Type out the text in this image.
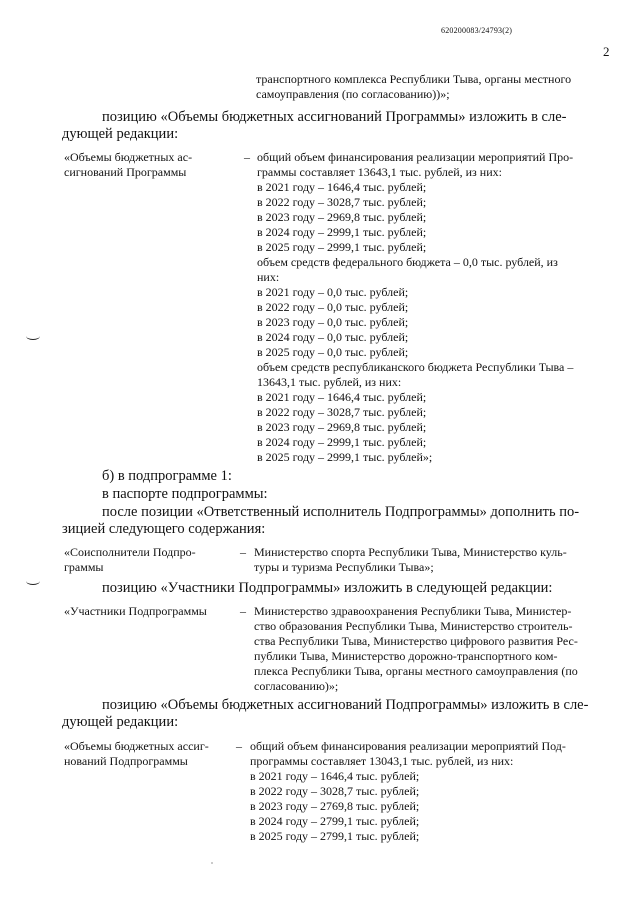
620200083/24793(2)
2
транспортного комплекса Республики Тыва, органы местного
самоуправления (по согласованию))»;
позицию «Объемы бюджетных ассигнований Программы» изложить в сле-
дующей редакции:
«Объемы бюджетных ас-
сигнований Программы
– общий объем финансирования реализации мероприятий Про-
граммы составляет 13643,1 тыс. рублей, из них:
в 2021 году – 1646,4 тыс. рублей;
в 2022 году – 3028,7 тыс. рублей;
в 2023 году – 2969,8 тыс. рублей;
в 2024 году – 2999,1 тыс. рублей;
в 2025 году – 2999,1 тыс. рублей;
объем средств федерального бюджета – 0,0 тыс. рублей, из
них:
в 2021 году – 0,0 тыс. рублей;
в 2022 году – 0,0 тыс. рублей;
в 2023 году – 0,0 тыс. рублей;
в 2024 году – 0,0 тыс. рублей;
в 2025 году – 0,0 тыс. рублей;
объем средств республиканского бюджета Республики Тыва –
13643,1 тыс. рублей, из них:
в 2021 году – 1646,4 тыс. рублей;
в 2022 году – 3028,7 тыс. рублей;
в 2023 году – 2969,8 тыс. рублей;
в 2024 году – 2999,1 тыс. рублей;
в 2025 году – 2999,1 тыс. рублей»;
б) в подпрограмме 1:
в паспорте подпрограммы:
после позиции «Ответственный исполнитель Подпрограммы» дополнить по-
зицией следующего содержания:
«Соисполнители Подпро-
граммы
– Министерство спорта Республики Тыва, Министерство куль-
туры и туризма Республики Тыва»;
позицию «Участники Подпрограммы» изложить в следующей редакции:
«Участники Подпрограммы	– Министерство здравоохранения Республики Тыва, Министер-
ство образования Республики Тыва, Министерство строитель-
ства Республики Тыва, Министерство цифрового развития Рес-
публики Тыва, Министерство дорожно-транспортного ком-
плекса Республики Тыва, органы местного самоуправления (по
согласованию)»;
позицию «Объемы бюджетных ассигнований Подпрограммы» изложить в сле-
дующей редакции:
«Объемы бюджетных ассиг-
нований Подпрограммы
– общий объем финансирования реализации мероприятий Под-
программы составляет 13043,1 тыс. рублей, из них:
в 2021 году – 1646,4 тыс. рублей;
в 2022 году – 3028,7 тыс. рублей;
в 2023 году – 2769,8 тыс. рублей;
в 2024 году – 2799,1 тыс. рублей;
в 2025 году – 2799,1 тыс. рублей;
